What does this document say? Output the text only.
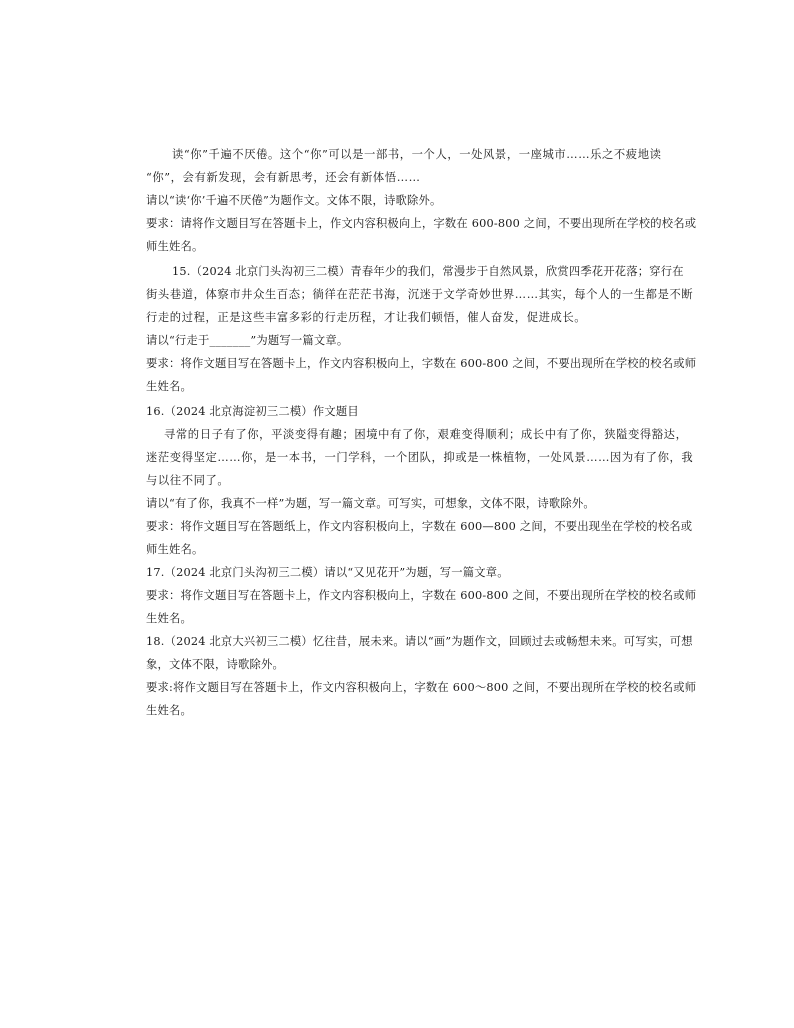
读“你”千遍不厌倦。这个“你”可以是一部书，一个人，一处风景，一座城市……乐之不疲地读
“你”，会有新发现，会有新思考，还会有新体悟……
请以“读‘你’千遍不厌倦”为题作文。文体不限，诗歌除外。
要求：请将作文题目写在答题卡上，作文内容积极向上，字数在 600-800 之间，不要出现所在学校的校名或
师生姓名。
15.（2024 北京门头沟初三二模）青春年少的我们，常漫步于自然风景，欣赏四季花开花落；穿行在
街头巷道，体察市井众生百态；徜徉在茫茫书海，沉迷于文学奇妙世界……其实，每个人的一生都是不断
行走的过程，正是这些丰富多彩的行走历程，才让我们顿悟，催人奋发，促进成长。
请以“行走于_______”为题写一篇文章。
要求：将作文题目写在答题卡上，作文内容积极向上，字数在 600-800 之间，不要出现所在学校的校名或师
生姓名。
16.（2024 北京海淀初三二模）作文题目
寻常的日子有了你，平淡变得有趣；困境中有了你，艰难变得顺利；成长中有了你，狭隘变得豁达，
迷茫变得坚定……你，是一本书，一门学科，一个团队，抑或是一株植物，一处风景……因为有了你，我
与以往不同了。
请以“有了你，我真不一样”为题，写一篇文章。可写实，可想象，文体不限，诗歌除外。
要求：将作文题目写在答题纸上，作文内容积极向上，字数在 600—800 之间，不要出现坐在学校的校名或
师生姓名。
17.（2024 北京门头沟初三二模）请以“又见花开”为题，写一篇文章。
要求：将作文题目写在答题卡上，作文内容积极向上，字数在 600-800 之间，不要出现所在学校的校名或师
生姓名。
18.（2024 北京大兴初三二模）忆往昔，展未来。请以“画”为题作文，回顾过去或畅想未来。可写实，可想
象，文体不限，诗歌除外。
要求:将作文题目写在答题卡上，作文内容积极向上，字数在 600～800 之间，不要出现所在学校的校名或师
生姓名。
